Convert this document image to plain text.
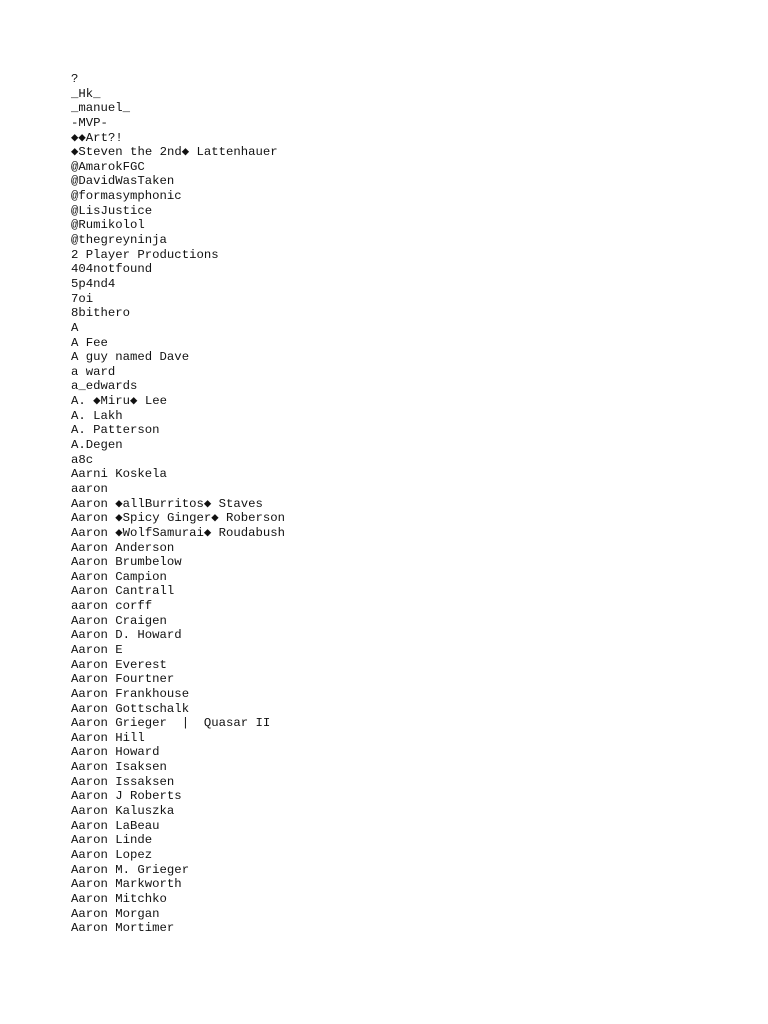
?
_Hk_
_manuel_
-MVP-
◆◆Art?!
◆Steven the 2nd◆ Lattenhauer
@AmarokFGC
@DavidWasTaken
@formasymphonic
@LisJustice
@Rumikolol
@thegreyninja
2 Player Productions
404notfound
5p4nd4
7oi
8bithero
A
A Fee
A guy named Dave
a ward
a_edwards
A. ◆Miru◆ Lee
A. Lakh
A. Patterson
A.Degen
a8c
Aarni Koskela
aaron
Aaron ◆allBurritos◆ Staves
Aaron ◆Spicy Ginger◆ Roberson
Aaron ◆WolfSamurai◆ Roudabush
Aaron Anderson
Aaron Brumbelow
Aaron Campion
Aaron Cantrall
aaron corff
Aaron Craigen
Aaron D. Howard
Aaron E
Aaron Everest
Aaron Fourtner
Aaron Frankhouse
Aaron Gottschalk
Aaron Grieger  |  Quasar II
Aaron Hill
Aaron Howard
Aaron Isaksen
Aaron Issaksen
Aaron J Roberts
Aaron Kaluszka
Aaron LaBeau
Aaron Linde
Aaron Lopez
Aaron M. Grieger
Aaron Markworth
Aaron Mitchko
Aaron Morgan
Aaron Mortimer
